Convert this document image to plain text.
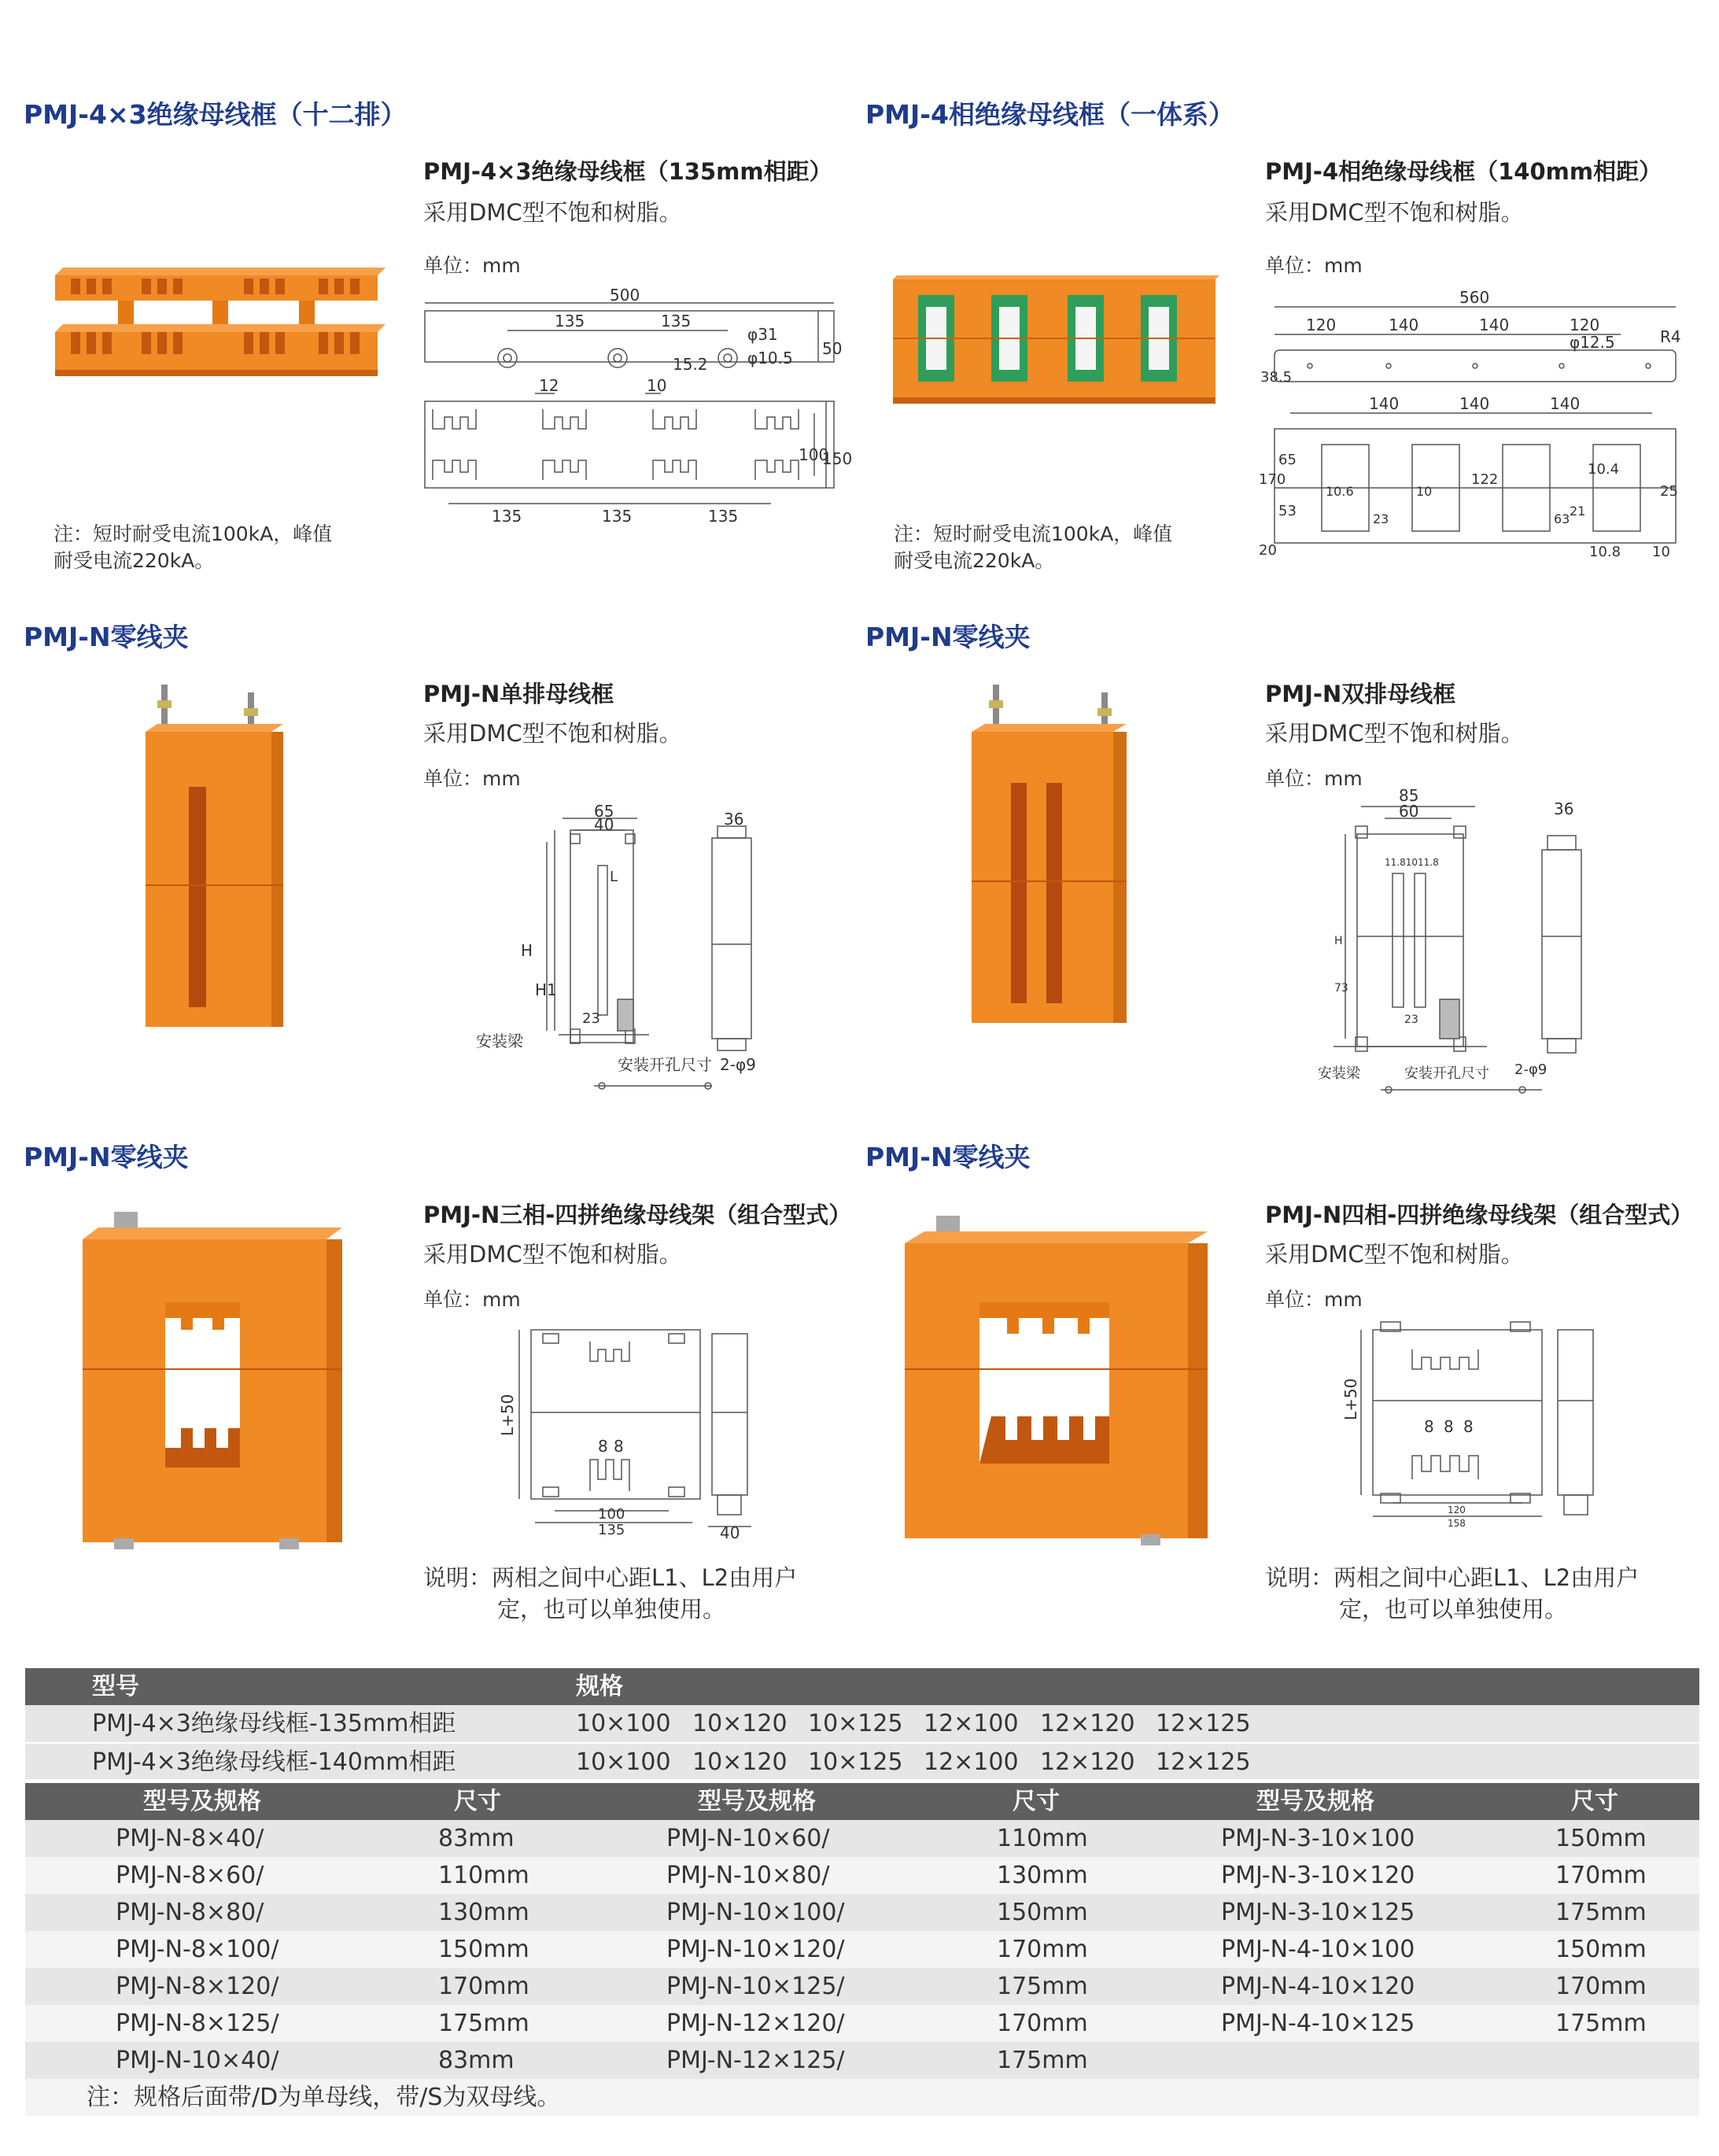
PMJ-4×3绝缘母线框（十二排）
PMJ-4×3绝缘母线框（135mm相距）
采用DMC型不饱和树脂。
单位：mm
500
135	135
φ31
φ10.5
15.2
50
12	10
100
150
135	135	135
注：短时耐受电流100kA，峰值
耐受电流220kA。
PMJ-4相绝缘母线框（一体系）
PMJ-4相绝缘母线框（140mm相距）
采用DMC型不饱和树脂。
单位：mm
560
120	140	140	120
φ12.5	R4
38.5
140	140	140
170
65
53
20
10.6	10
23
122
63
21
10.4
25
10.8 10
注：短时耐受电流100kA，峰值
耐受电流220kA。
PMJ-N零线夹
PMJ-N单排母线框
采用DMC型不饱和树脂。
单位：mm
65
40	36
L
H
H1
23
安装梁
安装开孔尺寸 2-φ9
PMJ-N零线夹
PMJ-N双排母线框
采用DMC型不饱和树脂。
单位：mm
85
60	36
11.81011.8
H
73
23
安装梁	安装开孔尺寸 2-φ9
PMJ-N零线夹
PMJ-N三相-四拼绝缘母线架（组合型式）
采用DMC型不饱和树脂。
单位：mm
L+50
8 8
100
135	40
说明：两相之间中心距L1、L2由用户
定，也可以单独使用。
PMJ-N零线夹
PMJ-N四相-四拼绝缘母线架（组合型式）
采用DMC型不饱和树脂。
单位：mm
L+50
8 8 8
120
158
说明：两相之间中心距L1、L2由用户
定，也可以单独使用。
型号	规格
PMJ-4×3绝缘母线框-135mm相距	10×100 10×120 10×125 12×100 12×120 12×125
PMJ-4×3绝缘母线框-140mm相距	10×100 10×120 10×125 12×100 12×120 12×125
型号及规格	尺寸	型号及规格	尺寸	型号及规格	尺寸
PMJ-N-8×40/	83mm	PMJ-N-10×60/	110mm	PMJ-N-3-10×100	150mm
PMJ-N-8×60/	110mm	PMJ-N-10×80/	130mm	PMJ-N-3-10×120	170mm
PMJ-N-8×80/	130mm	PMJ-N-10×100/	150mm	PMJ-N-3-10×125	175mm
PMJ-N-8×100/	150mm	PMJ-N-10×120/	170mm	PMJ-N-4-10×100	150mm
PMJ-N-8×120/	170mm	PMJ-N-10×125/	175mm	PMJ-N-4-10×120	170mm
PMJ-N-8×125/	175mm	PMJ-N-12×120/	170mm	PMJ-N-4-10×125	175mm
PMJ-N-10×40/	83mm	PMJ-N-12×125/	175mm
注：规格后面带/D为单母线，带/S为双母线。
